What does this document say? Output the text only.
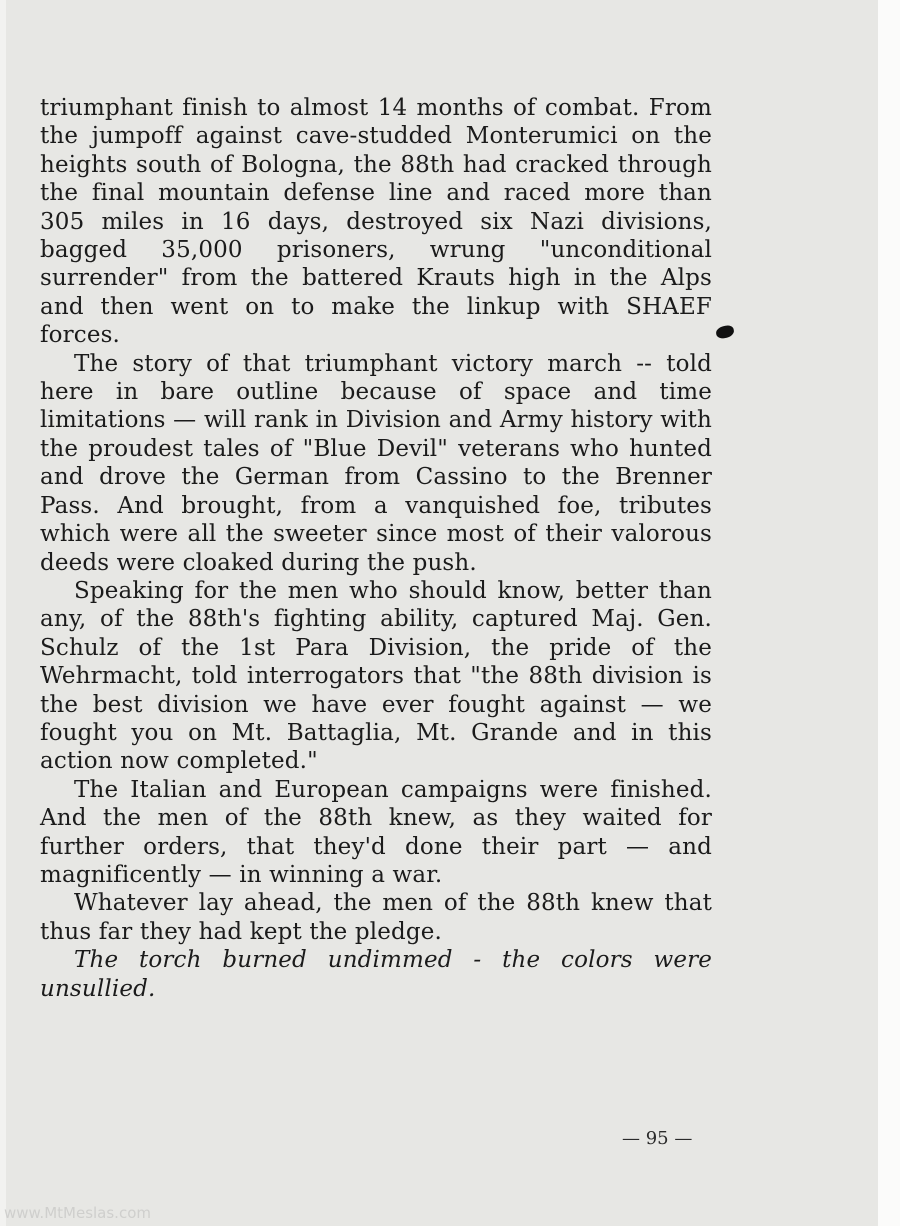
triumphant finish to almost 14 months of combat. From the jumpoff against cave-studded Monterumici on the heights south of Bologna, the 88th had cracked through the final mountain defense line and raced more than 305 miles in 16 days, destroyed six Nazi divisions, bagged 35,000 prisoners, wrung "unconditional surrender" from the battered Krauts high in the Alps and then went on to make the linkup with SHAEF forces.

The story of that triumphant victory march -- told here in bare outline because of space and time limitations — will rank in Division and Army history with the proudest tales of "Blue Devil" veterans who hunted and drove the German from Cassino to the Brenner Pass. And brought, from a vanquished foe, tributes which were all the sweeter since most of their valorous deeds were cloaked during the push.

Speaking for the men who should know, better than any, of the 88th's fighting ability, captured Maj. Gen. Schulz of the 1st Para Division, the pride of the Wehrmacht, told interrogators that "the 88th division is the best division we have ever fought against — we fought you on Mt. Battaglia, Mt. Grande and in this action now completed."

The Italian and European campaigns were finished. And the men of the 88th knew, as they waited for further orders, that they'd done their part — and magnificently — in winning a war.

Whatever lay ahead, the men of the 88th knew that thus far they had kept the pledge.

The torch burned undimmed - the colors were unsullied.

— 95 —
www.MtMeslas.com
